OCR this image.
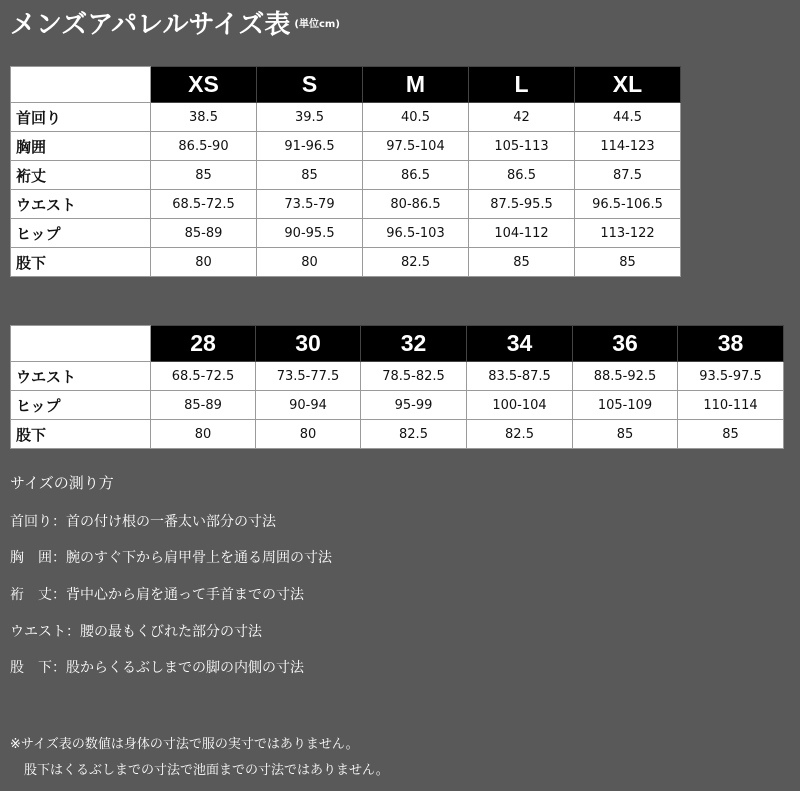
メンズアパレルサイズ表 $^{(単位cm)}$
	XS	S	M	L	XL
首回り	38.5	39.5	40.5	42	44.5
胸囲	86.5-90	91-96.5	97.5-104	105-113	114-123
裄丈	85	85	86.5	86.5	87.5
ウエスト	68.5-72.5	73.5-79	80-86.5	87.5-95.5	96.5-106.5
ヒップ	85-89	90-95.5	96.5-103	104-112	113-122
股下	80	80	82.5	85	85
	28	30	32	34	36	38
ウエスト	68.5-72.5	73.5-77.5	78.5-82.5	83.5-87.5	88.5-92.5	93.5-97.5
ヒップ	85-89	90-94	95-99	100-104	105-109	110-114
股下	80	80	82.5	82.5	85	85
サイズの測り方
首回り：首の付け根の一番太い部分の寸法
胸　囲：腕のすぐ下から肩甲骨上を通る周囲の寸法
裄　丈：背中心から肩を通って手首までの寸法
ウエスト：腰の最もくびれた部分の寸法
股　下：股からくるぶしまでの脚の内側の寸法
※サイズ表の数値は身体の寸法で服の実寸ではありません。
股下はくるぶしまでの寸法で池面までの寸法ではありません。
